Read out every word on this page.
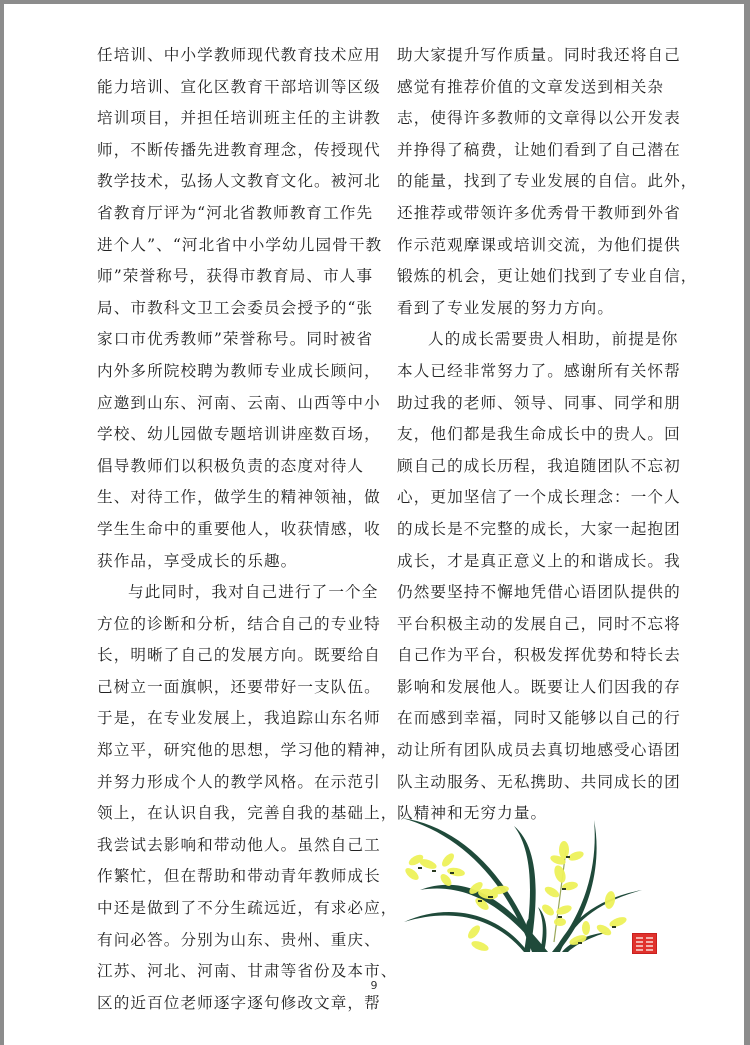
任培训、中小学教师现代教育技术应用
能力培训、宣化区教育干部培训等区级
培训项目，并担任培训班主任的主讲教
师，不断传播先进教育理念，传授现代
教学技术，弘扬人文教育文化。被河北
省教育厅评为“河北省教师教育工作先
进个人”、“河北省中小学幼儿园骨干教
师”荣誉称号，获得市教育局、市人事
局、市教科文卫工会委员会授予的“张
家口市优秀教师”荣誉称号。同时被省
内外多所院校聘为教师专业成长顾问，
应邀到山东、河南、云南、山西等中小
学校、幼儿园做专题培训讲座数百场，
倡导教师们以积极负责的态度对待人
生、对待工作，做学生的精神领袖，做
学生生命中的重要他人，收获情感，收
获作品，享受成长的乐趣。
与此同时，我对自己进行了一个全
方位的诊断和分析，结合自己的专业特
长，明晰了自己的发展方向。既要给自
己树立一面旗帜，还要带好一支队伍。
于是，在专业发展上，我追踪山东名师
郑立平，研究他的思想，学习他的精神，
并努力形成个人的教学风格。在示范引
领上，在认识自我，完善自我的基础上，
我尝试去影响和带动他人。虽然自己工
作繁忙，但在帮助和带动青年教师成长
中还是做到了不分生疏远近，有求必应，
有问必答。分别为山东、贵州、重庆、
江苏、河北、河南、甘肃等省份及本市、
区的近百位老师逐字逐句修改文章，帮
助大家提升写作质量。同时我还将自己
感觉有推荐价值的文章发送到相关杂
志，使得许多教师的文章得以公开发表
并挣得了稿费，让她们看到了自己潜在
的能量，找到了专业发展的自信。此外，
还推荐或带领许多优秀骨干教师到外省
作示范观摩课或培训交流，为他们提供
锻炼的机会，更让她们找到了专业自信，
看到了专业发展的努力方向。
人的成长需要贵人相助，前提是你
本人已经非常努力了。感谢所有关怀帮
助过我的老师、领导、同事、同学和朋
友，他们都是我生命成长中的贵人。回
顾自己的成长历程，我追随团队不忘初
心，更加坚信了一个成长理念：一个人
的成长是不完整的成长，大家一起抱团
成长，才是真正意义上的和谐成长。我
仍然要坚持不懈地凭借心语团队提供的
平台积极主动的发展自己，同时不忘将
自己作为平台，积极发挥优势和特长去
影响和发展他人。既要让人们因我的存
在而感到幸福，同时又能够以自己的行
动让所有团队成员去真切地感受心语团
队主动服务、无私携助、共同成长的团
队精神和无穷力量。
9
